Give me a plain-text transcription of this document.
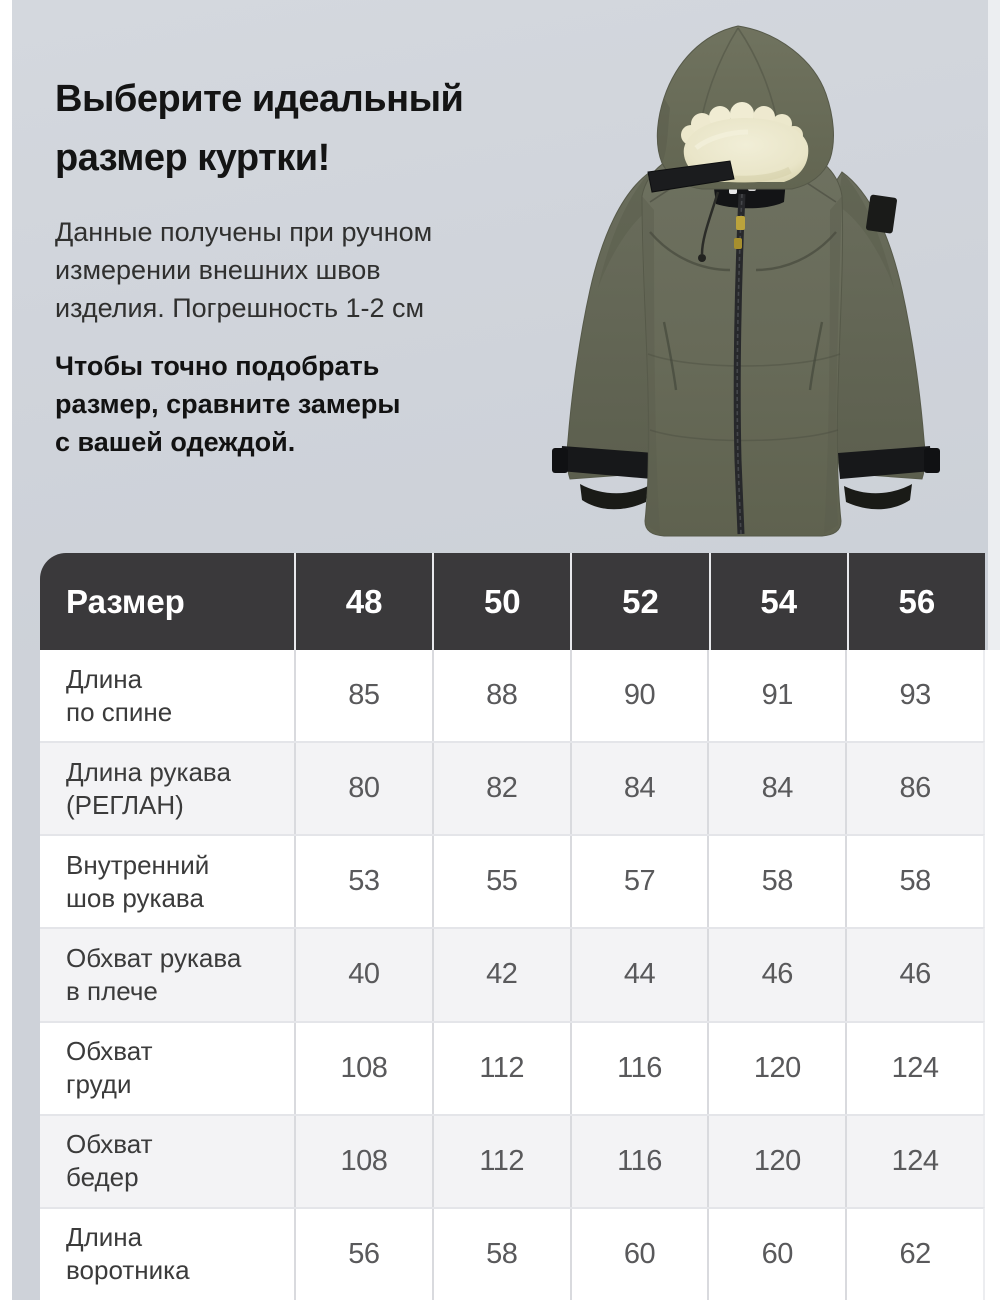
Выберите идеальный
размер куртки!
Данные получены при ручном
измерении внешних швов
изделия. Погрешность 1-2 см
Чтобы точно подобрать
размер, сравните замеры
с вашей одеждой.
Размер	48	50	52	54	56
Длина
по спине
85	88	90	91	93
Длина рукава
(РЕГЛАН)
80	82	84	84	86
Внутренний
шов рукава
53	55	57	58	58
Обхват рукава
в плече
40	42	44	46	46
Обхват
груди
108	112	116	120	124
Обхват
бедер
108	112	116	120	124
Длина
воротника
56	58	60	60	62
